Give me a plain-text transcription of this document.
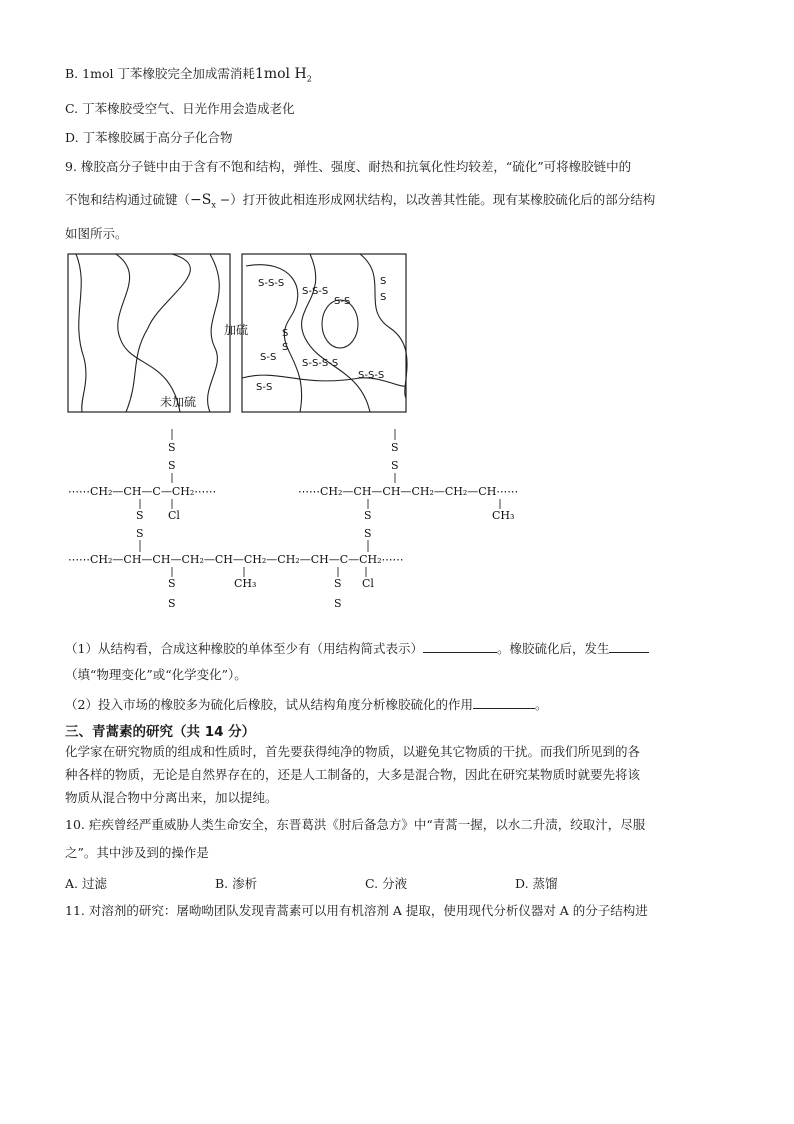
B. 1mol 丁苯橡胶完全加成需消耗1mol $H_2$
C. 丁苯橡胶受空气、日光作用会造成老化
D. 丁苯橡胶属于高分子化合物
9. 橡胶高分子链中由于含有不饱和结构，弹性、强度、耐热和抗氧化性均较差，“硫化”可将橡胶链中的
不饱和结构通过硫键（$-S_x$ −）打开彼此相连形成网状结构，以改善其性能。现有某橡胶硫化后的部分结构
如图所示。
未加硫
加硫
S-S-S
S-S
S-S-S
S-S
S
S
S
S
S-S-S-S
S-S-S
S-S
S
S
⋯⋯CH₂—CH—C—CH₂⋯⋯
S Cl
S
S
S
⋯⋯CH₂—CH—CH—CH₂—CH₂—CH⋯⋯
S
S
CH₃
⋯⋯CH₂—CH—CH—CH₂—CH—CH₂—CH₂—CH—C—CH₂⋯⋯
S
S
CH₃	S
S
Cl
（1）从结构看，合成这种橡胶的单体至少有（用结构简式表示）	。橡胶硫化后，发生
（填“物理变化”或“化学变化”）。
（2）投入市场的橡胶多为硫化后橡胶，试从结构角度分析橡胶硫化的作用	。
三、青蒿素的研究（共 14 分）
化学家在研究物质的组成和性质时，首先要获得纯净的物质，以避免其它物质的干扰。而我们所见到的各
种各样的物质，无论是自然界存在的，还是人工制备的，大多是混合物，因此在研究某物质时就要先将该
物质从混合物中分离出来，加以提纯。
10. 疟疾曾经严重威胁人类生命安全，东晋葛洪《肘后备急方》中“青蒿一握，以水二升渍，绞取汁，尽服
之”。其中涉及到的操作是
A. 过滤	B. 渗析	C. 分液	D. 蒸馏
11. 对溶剂的研究：屠呦呦团队发现青蒿素可以用有机溶剂 A 提取，使用现代分析仪器对 A 的分子结构进
